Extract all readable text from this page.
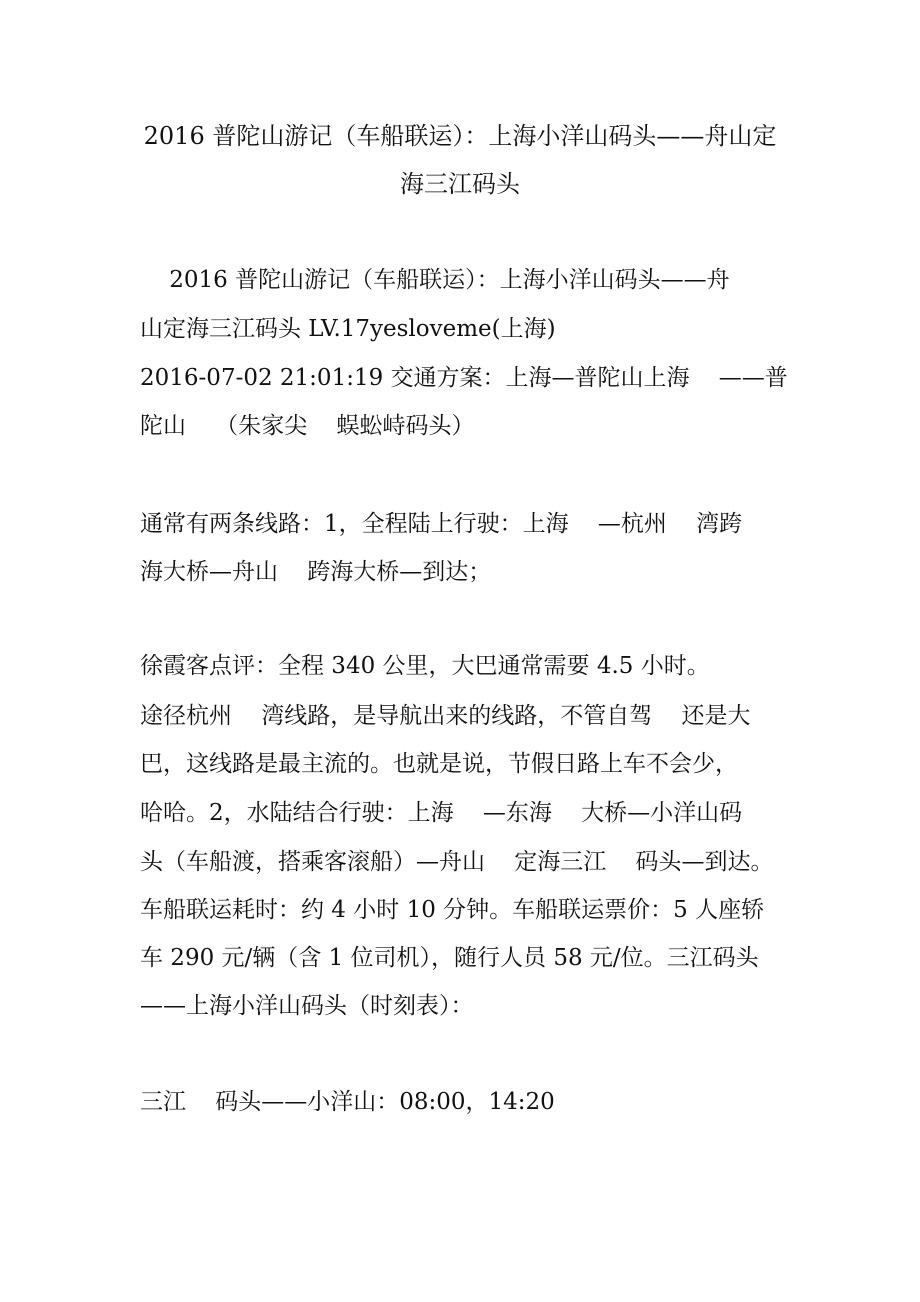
2016 普陀山游记（车船联运）：上海小洋山码头——舟山定
海三江码头

2016 普陀山游记（车船联运）：上海小洋山码头——舟

山定海三江码头 LV.17yesloveme(上海)

2016-07-02 21:01:19 交通方案：上海—普陀山上海    ——普

陀山    （朱家尖    蜈蚣峙码头）

通常有两条线路：1，全程陆上行驶：上海    —杭州    湾跨

海大桥—舟山    跨海大桥—到达；

徐霞客点评：全程 340 公里，大巴通常需要 4.5 小时。

途径杭州    湾线路，是导航出来的线路，不管自驾    还是大

巴，这线路是最主流的。也就是说，节假日路上车不会少，

哈哈。2，水陆结合行驶：上海    —东海    大桥—小洋山码

头（车船渡，搭乘客滚船）—舟山    定海三江    码头—到达。

车船联运耗时：约 4 小时 10 分钟。车船联运票价：5 人座轿

车 290 元/辆（含 1 位司机），随行人员 58 元/位。三江码头

——上海小洋山码头（时刻表）：

三江    码头——小洋山：08:00，14:20
